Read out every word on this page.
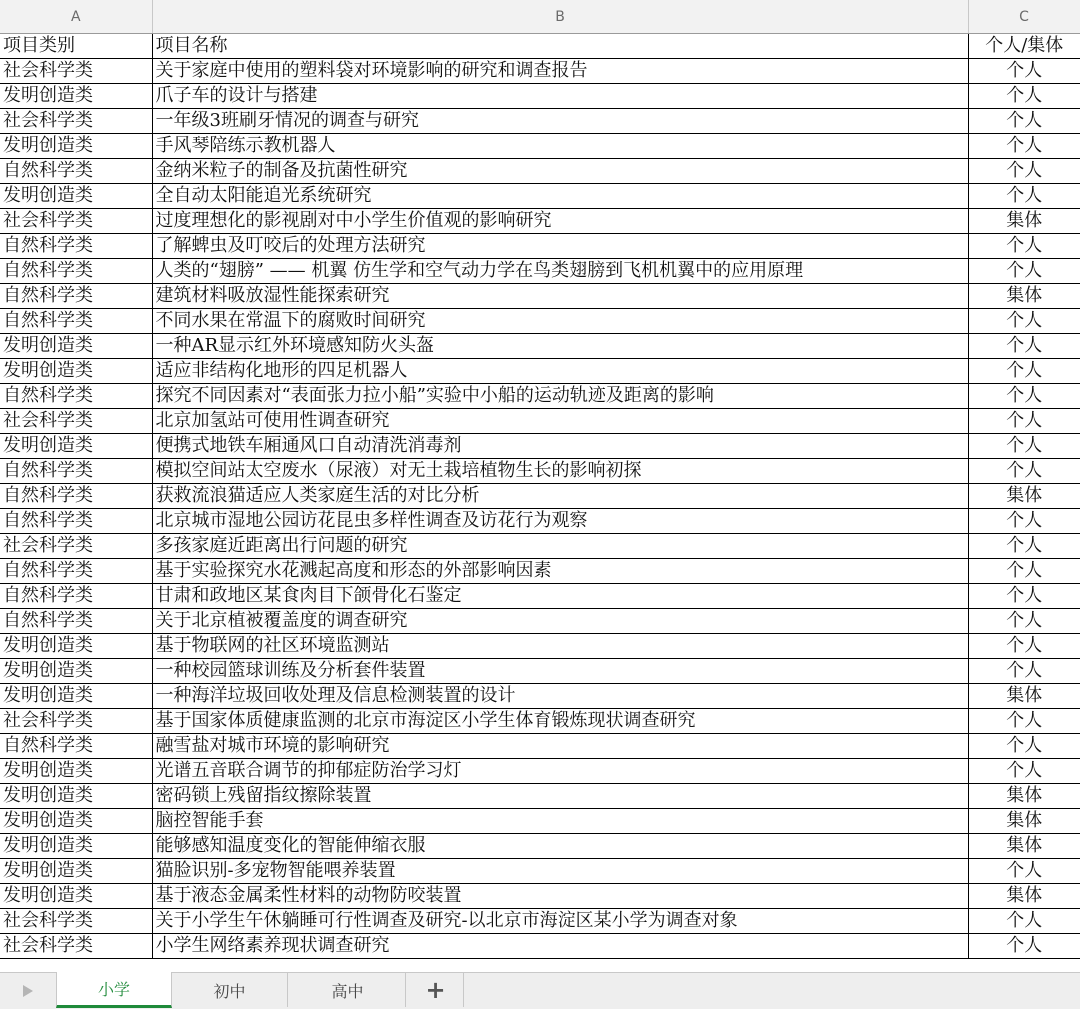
A	B	C
项目类别	项目名称	个人/集体
社会科学类	关于家庭中使用的塑料袋对环境影响的研究和调查报告	个人
发明创造类	爪子车的设计与搭建	个人
社会科学类	一年级3班刷牙情况的调查与研究	个人
发明创造类	手风琴陪练示教机器人	个人
自然科学类	金纳米粒子的制备及抗菌性研究	个人
发明创造类	全自动太阳能追光系统研究	个人
社会科学类	过度理想化的影视剧对中小学生价值观的影响研究	集体
自然科学类	了解蜱虫及叮咬后的处理方法研究	个人
自然科学类	人类的“翅膀” —— 机翼 仿生学和空气动力学在鸟类翅膀到飞机机翼中的应用原理	个人
自然科学类	建筑材料吸放湿性能探索研究	集体
自然科学类	不同水果在常温下的腐败时间研究	个人
发明创造类	一种AR显示红外环境感知防火头盔	个人
发明创造类	适应非结构化地形的四足机器人	个人
自然科学类	探究不同因素对“表面张力拉小船”实验中小船的运动轨迹及距离的影响	个人
社会科学类	北京加氢站可使用性调查研究	个人
发明创造类	便携式地铁车厢通风口自动清洗消毒剂	个人
自然科学类	模拟空间站太空废水（尿液）对无土栽培植物生长的影响初探	个人
自然科学类	获救流浪猫适应人类家庭生活的对比分析	集体
自然科学类	北京城市湿地公园访花昆虫多样性调查及访花行为观察	个人
社会科学类	多孩家庭近距离出行问题的研究	个人
自然科学类	基于实验探究水花溅起高度和形态的外部影响因素	个人
自然科学类	甘肃和政地区某食肉目下颌骨化石鉴定	个人
自然科学类	关于北京植被覆盖度的调查研究	个人
发明创造类	基于物联网的社区环境监测站	个人
发明创造类	一种校园篮球训练及分析套件装置	个人
发明创造类	一种海洋垃圾回收处理及信息检测装置的设计	集体
社会科学类	基于国家体质健康监测的北京市海淀区小学生体育锻炼现状调查研究	个人
自然科学类	融雪盐对城市环境的影响研究	个人
发明创造类	光谱五音联合调节的抑郁症防治学习灯	个人
发明创造类	密码锁上残留指纹擦除装置	集体
发明创造类	脑控智能手套	集体
发明创造类	能够感知温度变化的智能伸缩衣服	集体
发明创造类	猫脸识别-多宠物智能喂养装置	个人
发明创造类	基于液态金属柔性材料的动物防咬装置	集体
社会科学类	关于小学生午休躺睡可行性调查及研究-以北京市海淀区某小学为调查对象	个人
社会科学类	小学生网络素养现状调查研究	个人
小学	初中	高中	+
